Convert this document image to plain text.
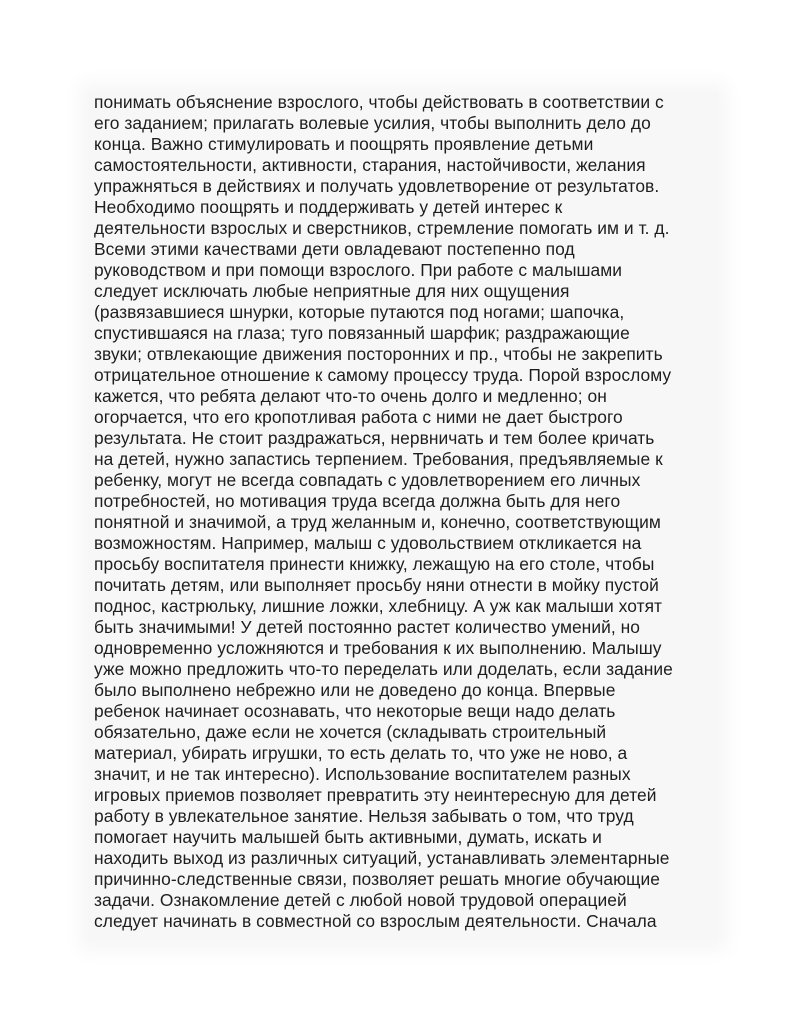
понимать объяснение взрослого, чтобы действовать в соответствии с
его заданием; прилагать волевые усилия, чтобы выполнить дело до
конца. Важно стимулировать и поощрять проявление детьми
самостоятельности, активности, старания, настойчивости, желания
упражняться в действиях и получать удовлетворение от результатов.
Необходимо поощрять и поддерживать у детей интерес к
деятельности взрослых и сверстников, стремление помогать им и т. д.
Всеми этими качествами дети овладевают постепенно под
руководством и при помощи взрослого. При работе с малышами
следует исключать любые неприятные для них ощущения
(развязавшиеся шнурки, которые путаются под ногами; шапочка,
спустившаяся на глаза; туго повязанный шарфик; раздражающие
звуки; отвлекающие движения посторонних и пр., чтобы не закрепить
отрицательное отношение к самому процессу труда. Порой взрослому
кажется, что ребята делают что-то очень долго и медленно; он
огорчается, что его кропотливая работа с ними не дает быстрого
результата. Не стоит раздражаться, нервничать и тем более кричать
на детей, нужно запастись терпением. Требования, предъявляемые к
ребенку, могут не всегда совпадать с удовлетворением его личных
потребностей, но мотивация труда всегда должна быть для него
понятной и значимой, а труд желанным и, конечно, соответствующим
возможностям. Например, малыш с удовольствием откликается на
просьбу воспитателя принести книжку, лежащую на его столе, чтобы
почитать детям, или выполняет просьбу няни отнести в мойку пустой
поднос, кастрюльку, лишние ложки, хлебницу. А уж как малыши хотят
быть значимыми! У детей постоянно растет количество умений, но
одновременно усложняются и требования к их выполнению. Малышу
уже можно предложить что-то переделать или доделать, если задание
было выполнено небрежно или не доведено до конца. Впервые
ребенок начинает осознавать, что некоторые вещи надо делать
обязательно, даже если не хочется (складывать строительный
материал, убирать игрушки, то есть делать то, что уже не ново, а
значит, и не так интересно). Использование воспитателем разных
игровых приемов позволяет превратить эту неинтересную для детей
работу в увлекательное занятие. Нельзя забывать о том, что труд
помогает научить малышей быть активными, думать, искать и
находить выход из различных ситуаций, устанавливать элементарные
причинно-следственные связи, позволяет решать многие обучающие
задачи. Ознакомление детей с любой новой трудовой операцией
следует начинать в совместной со взрослым деятельности. Сначала
